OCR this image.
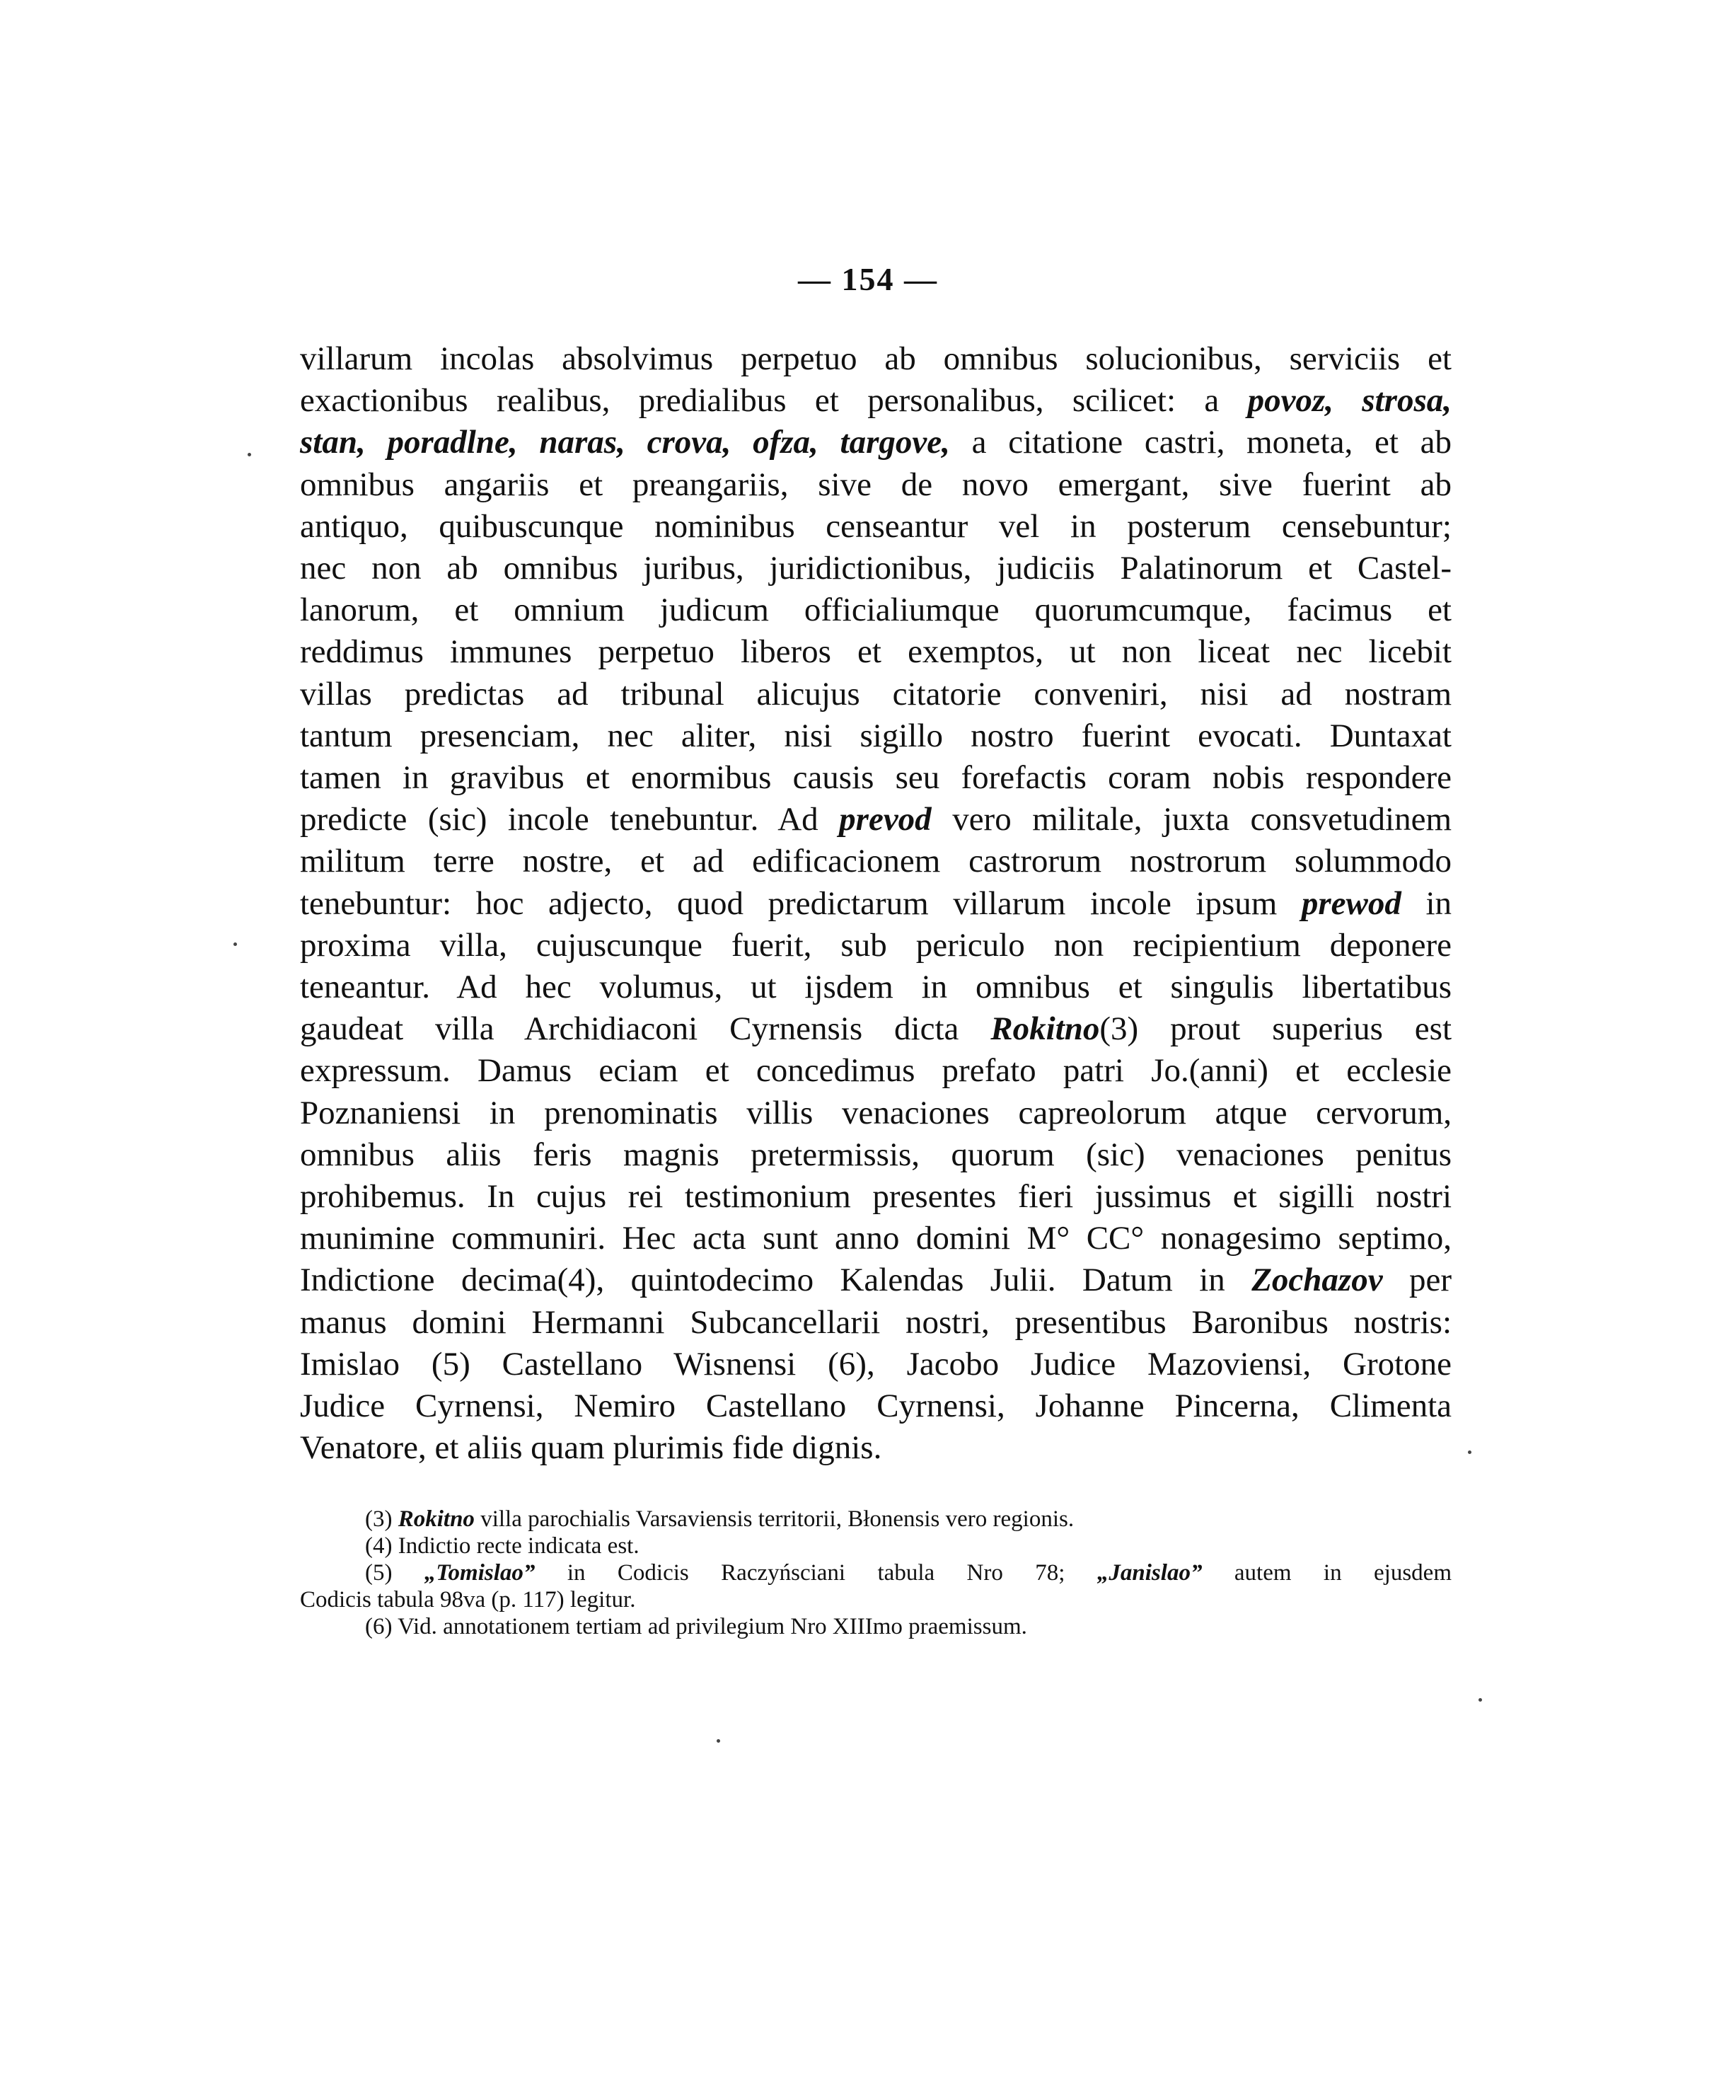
— 154 —
villarum incolas absolvimus perpetuo ab omnibus solucionibus, serviciis et
exactionibus realibus, predialibus et personalibus, scilicet: a povoz, strosa,
stan, poradlne, naras, crova, ofza, targove, a citatione castri, moneta, et ab
omnibus angariis et preangariis, sive de novo emergant, sive fuerint ab
antiquo, quibuscunque nominibus censeantur vel in posterum censebuntur;
nec non ab omnibus juribus, juridictionibus, judiciis Palatinorum et Castel-
lanorum, et omnium judicum officialiumque quorumcumque, facimus et
reddimus immunes perpetuo liberos et exemptos, ut non liceat nec licebit
villas predictas ad tribunal alicujus citatorie conveniri, nisi ad nostram
tantum presenciam, nec aliter, nisi sigillo nostro fuerint evocati. Duntaxat
tamen in gravibus et enormibus causis seu forefactis coram nobis respondere
predicte (sic) incole tenebuntur. Ad prevod vero militale, juxta consvetudinem
militum terre nostre, et ad edificacionem castrorum nostrorum solummodo
tenebuntur: hoc adjecto, quod predictarum villarum incole ipsum prewod in
proxima villa, cujuscunque fuerit, sub periculo non recipientium deponere
teneantur. Ad hec volumus, ut ijsdem in omnibus et singulis libertatibus
gaudeat villa Archidiaconi Cyrnensis dicta Rokitno(3) prout superius est
expressum. Damus eciam et concedimus prefato patri Jo.(anni) et ecclesie
Poznaniensi in prenominatis villis venaciones capreolorum atque cervorum,
omnibus aliis feris magnis pretermissis, quorum (sic) venaciones penitus
prohibemus. In cujus rei testimonium presentes fieri jussimus et sigilli nostri
munimine communiri. Hec acta sunt anno domini M° CC° nonagesimo septimo,
Indictione decima(4), quintodecimo Kalendas Julii. Datum in Zochazov per
manus domini Hermanni Subcancellarii nostri, presentibus Baronibus nostris:
Imislao (5) Castellano Wisnensi (6), Jacobo Judice Mazoviensi, Grotone
Judice Cyrnensi, Nemiro Castellano Cyrnensi, Johanne Pincerna, Climenta
Venatore, et aliis quam plurimis fide dignis.
(3) Rokitno villa parochialis Varsaviensis territorii, Błonensis vero regionis.
(4) Indictio recte indicata est.
(5) „Tomislao” in Codicis Raczyńsciani tabula Nro 78; „Janislao” autem in ejusdem
Codicis tabula 98va (p. 117) legitur.
(6) Vid. annotationem tertiam ad privilegium Nro XIIImo praemissum.
